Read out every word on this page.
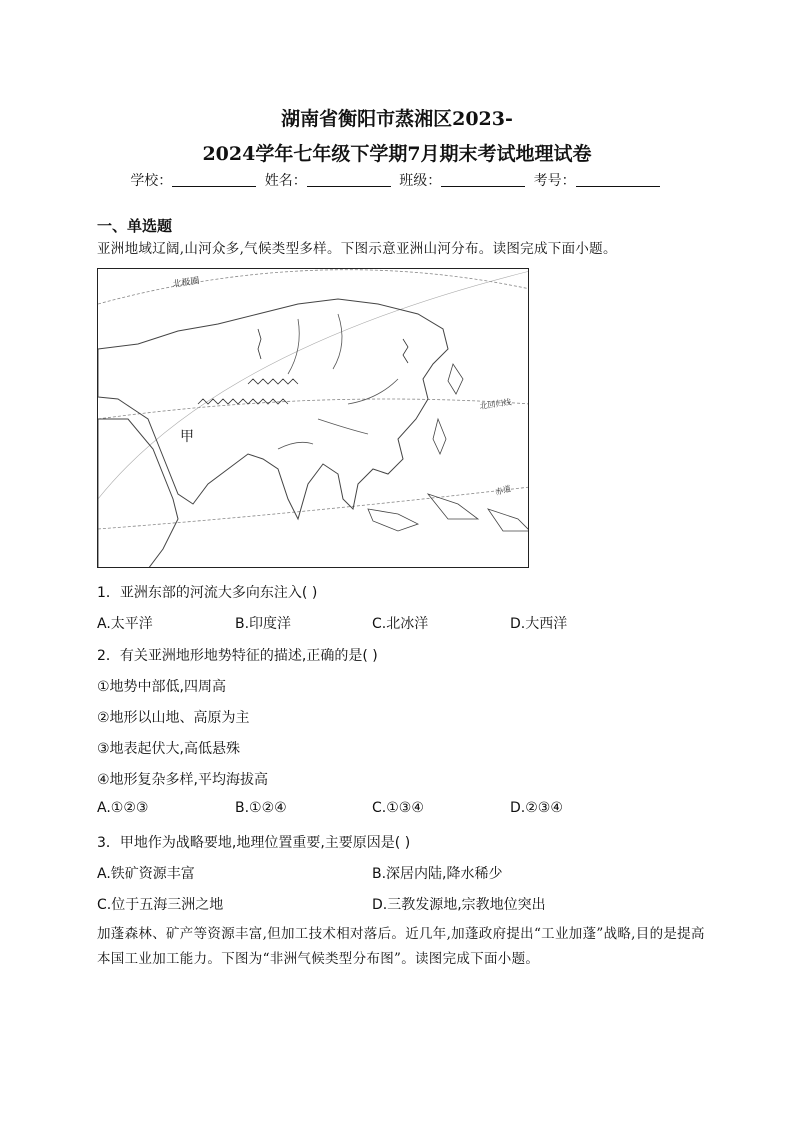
湖南省衡阳市蒸湘区2023-
2024学年七年级下学期7月期末考试地理试卷
学校：	姓名：	班级：	考号：
一、单选题
亚洲地域辽阔,山河众多,气候类型多样。下图示意亚洲山河分布。读图完成下面小题。
北极圈
北回归线
赤道
甲
1．亚洲东部的河流大多向东注入( )
A.太平洋	B.印度洋	C.北冰洋	D.大西洋
2．有关亚洲地形地势特征的描述,正确的是( )
①地势中部低,四周高
②地形以山地、高原为主
③地表起伏大,高低悬殊
④地形复杂多样,平均海拔高
A.①②③	B.①②④	C.①③④	D.②③④
3．甲地作为战略要地,地理位置重要,主要原因是( )
A.铁矿资源丰富	B.深居内陆,降水稀少
C.位于五海三洲之地	D.三教发源地,宗教地位突出
加蓬森林、矿产等资源丰富,但加工技术相对落后。近几年,加蓬政府提出“工业加蓬”战略,目的是提高本国工业加工能力。下图为“非洲气候类型分布图”。读图完成下面小题。
